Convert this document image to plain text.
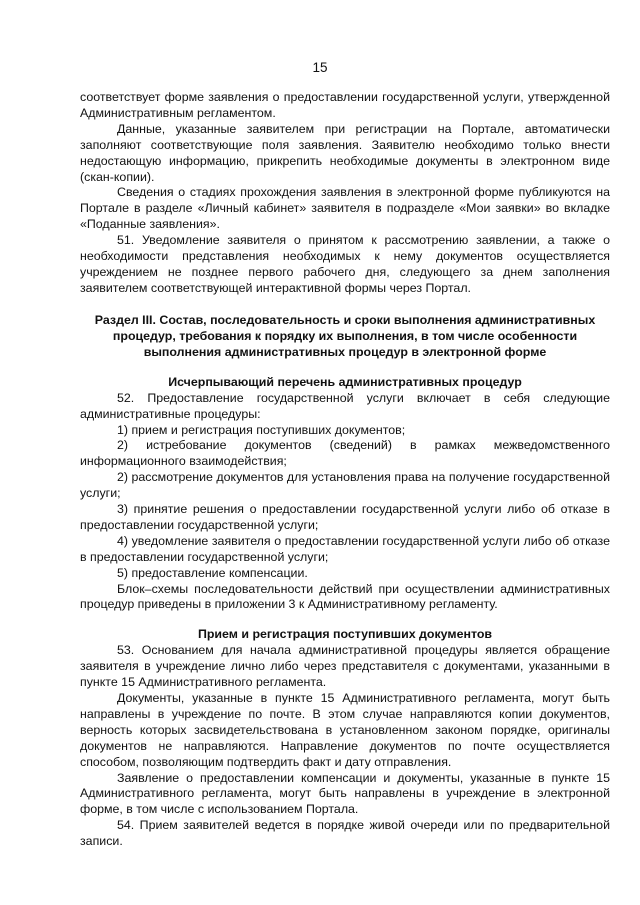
15

соответствует форме заявления о предоставлении государственной услуги, утвержденной Административным регламентом.

Данные, указанные заявителем при регистрации на Портале, автоматически заполняют соответствующие поля заявления. Заявителю необходимо только внести недостающую информацию, прикрепить необходимые документы в электронном виде (скан-копии).

Сведения о стадиях прохождения заявления в электронной форме публикуются на Портале в разделе «Личный кабинет» заявителя в подразделе «Мои заявки» во вкладке «Поданные заявления».

51. Уведомление заявителя о принятом к рассмотрению заявлении, а также о необходимости представления необходимых к нему документов осуществляется учреждением не позднее первого рабочего дня, следующего за днем заполнения заявителем соответствующей интерактивной формы через Портал.

Раздел III. Состав, последовательность и сроки выполнения административных процедур, требования к порядку их выполнения, в том числе особенности выполнения административных процедур в электронной форме

Исчерпывающий перечень административных процедур

52. Предоставление государственной услуги включает в себя следующие административные процедуры:

1) прием и регистрация поступивших документов;

2) истребование документов (сведений) в рамках межведомственного информационного взаимодействия;

2) рассмотрение документов для установления права на получение государственной услуги;

3) принятие решения о предоставлении государственной услуги либо об отказе в предоставлении государственной услуги;

4) уведомление заявителя о предоставлении государственной услуги либо об отказе в предоставлении государственной услуги;

5) предоставление компенсации.

Блок–схемы последовательности действий при осуществлении административных процедур приведены в приложении 3 к Административному регламенту.

Прием и регистрация поступивших документов

53. Основанием для начала административной процедуры является обращение заявителя в учреждение лично либо через представителя с документами, указанными в пункте 15 Административного регламента.

Документы, указанные в пункте 15 Административного регламента, могут быть направлены в учреждение по почте. В этом случае направляются копии документов, верность которых засвидетельствована в установленном законом порядке, оригиналы документов не направляются. Направление документов по почте осуществляется способом, позволяющим подтвердить факт и дату отправления.

Заявление о предоставлении компенсации и документы, указанные в пункте 15 Административного регламента, могут быть направлены в учреждение в электронной форме, в том числе с использованием Портала.

54. Прием заявителей ведется в порядке живой очереди или по предварительной записи.
